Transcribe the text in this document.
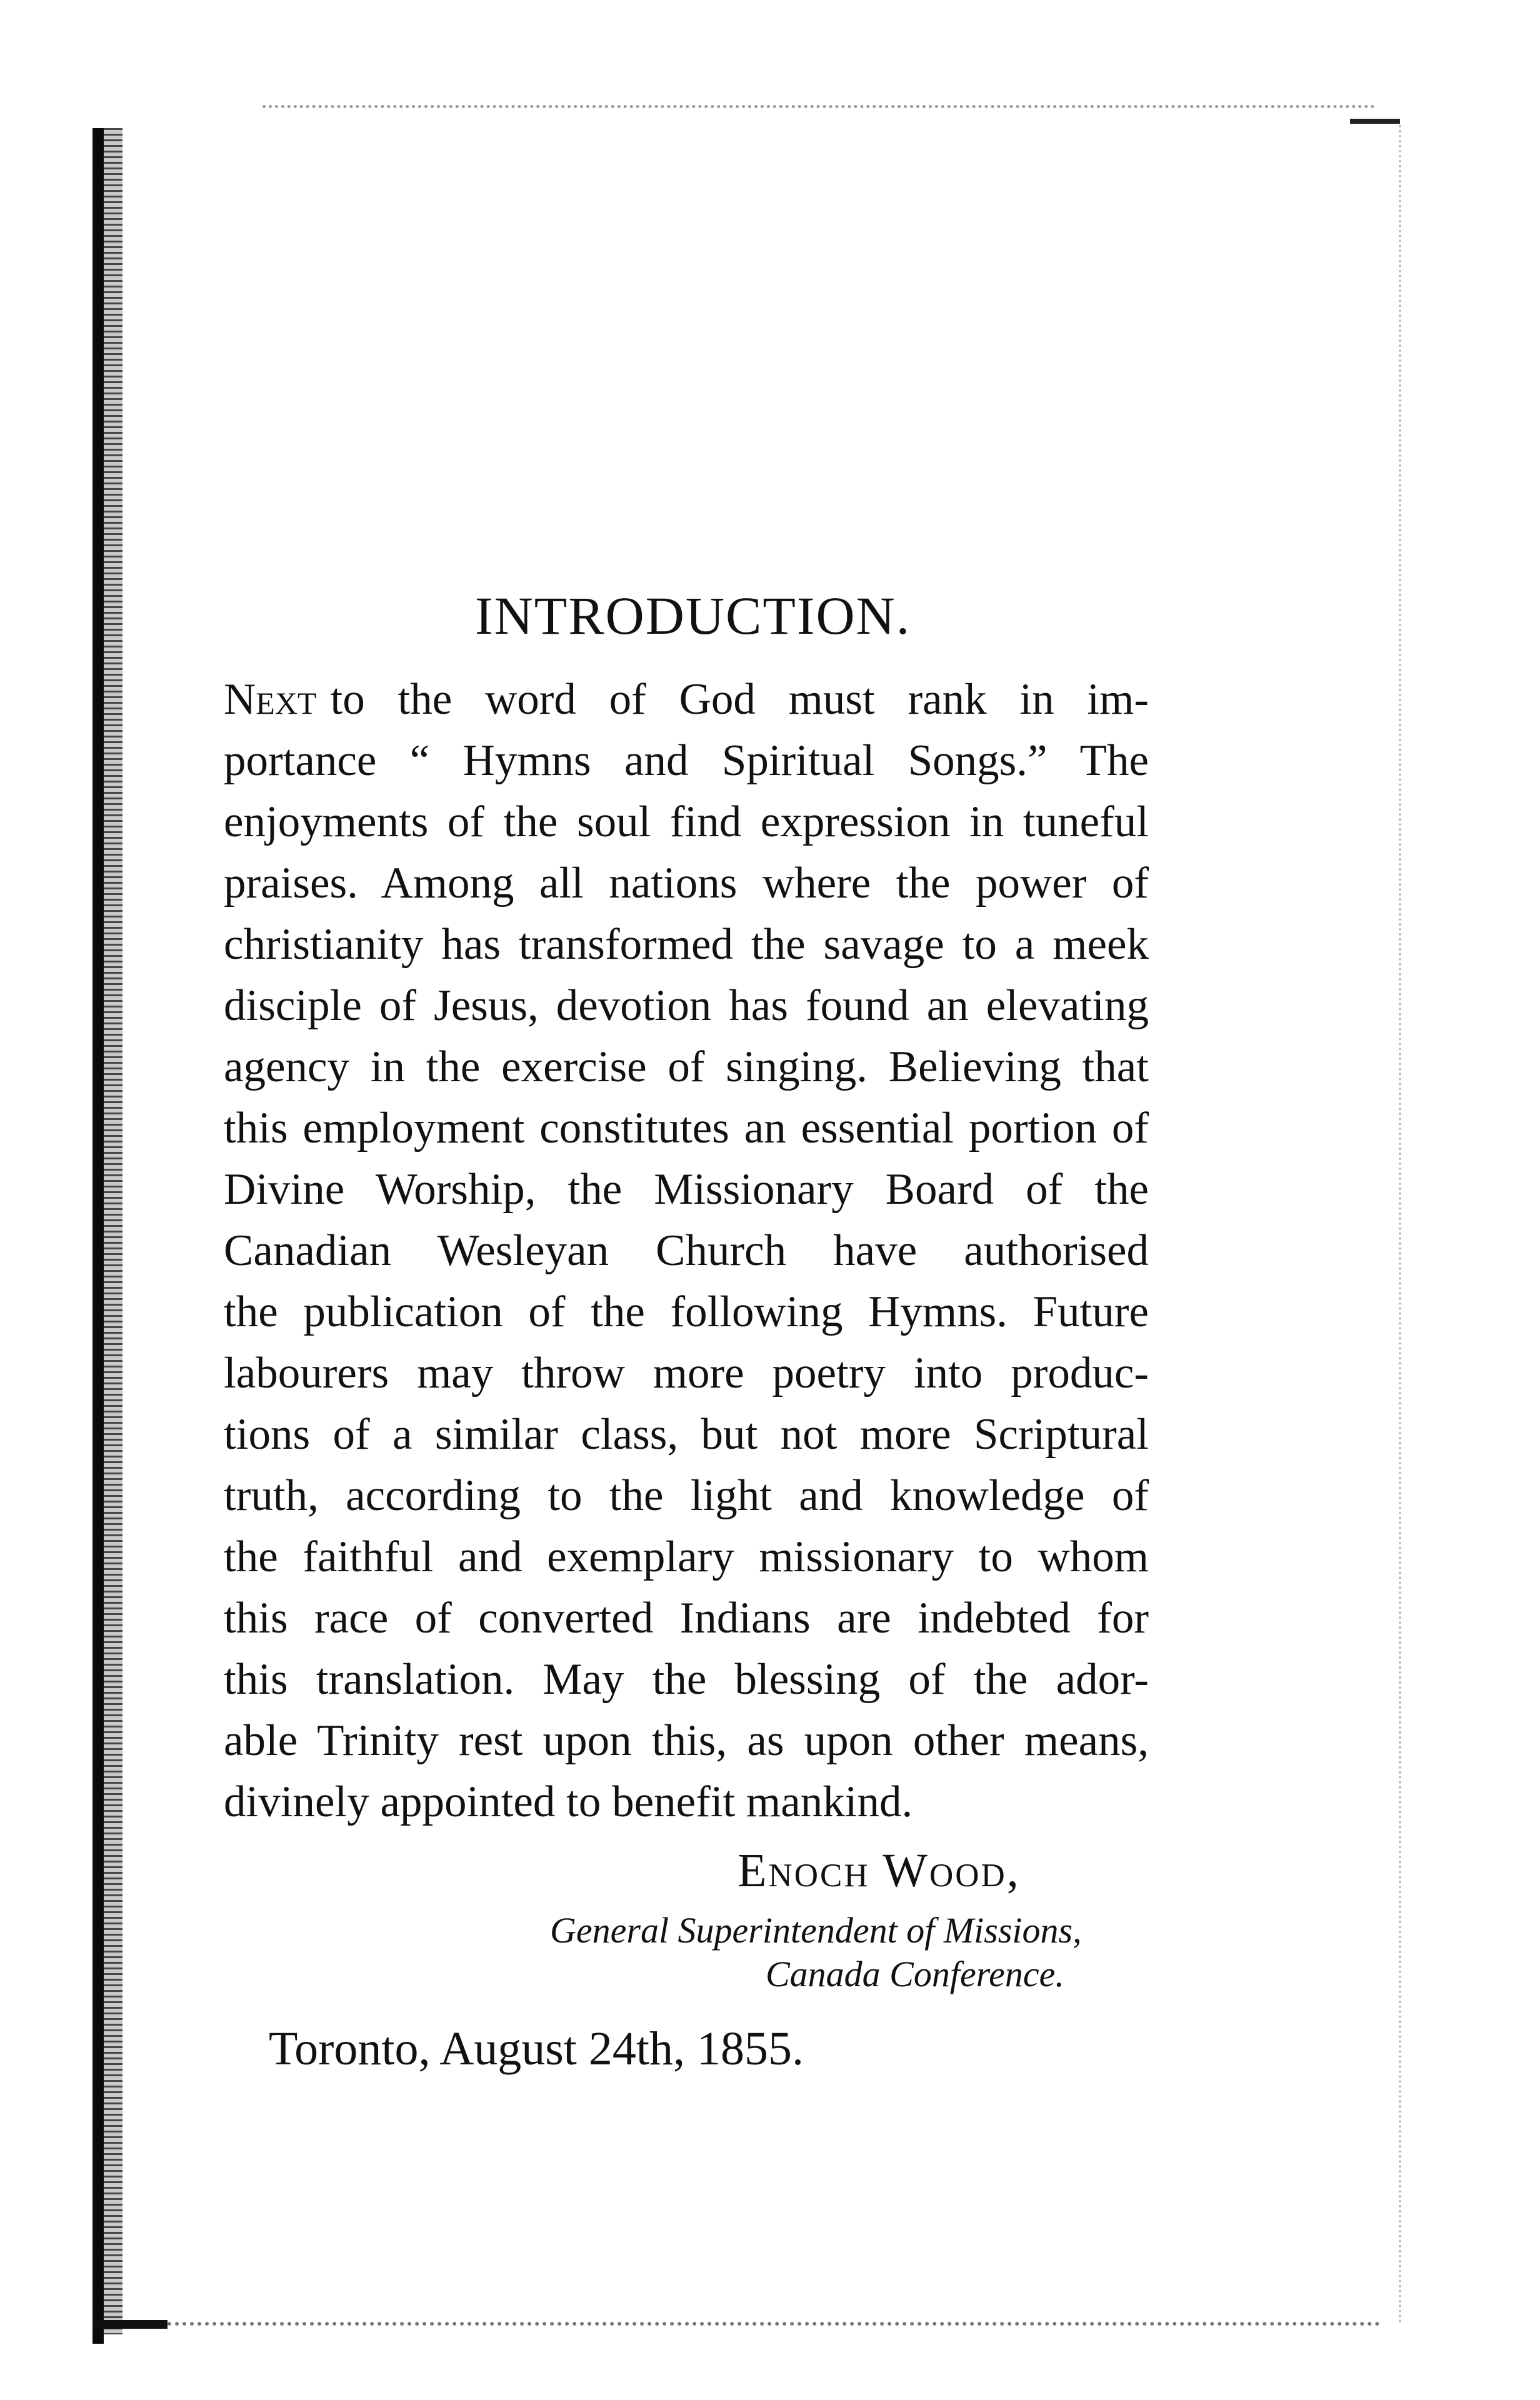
INTRODUCTION.
Next to the word of God must rank in im-
portance “ Hymns and Spiritual Songs.” The
enjoyments of the soul find expression in tuneful
praises. Among all nations where the power of
christianity has transformed the savage to a meek
disciple of Jesus, devotion has found an elevating
agency in the exercise of singing. Believing that
this employment constitutes an essential portion of
Divine Worship, the Missionary Board of the
Canadian Wesleyan Church have authorised
the publication of the following Hymns. Future
labourers may throw more poetry into produc-
tions of a similar class, but not more Scriptural
truth, according to the light and knowledge of
the faithful and exemplary missionary to whom
this race of converted Indians are indebted for
this translation. May the blessing of the ador-
able Trinity rest upon this, as upon other means,
divinely appointed to benefit mankind.
Enoch Wood,
General Superintendent of Missions,
Canada Conference.
Toronto, August 24th, 1855.
